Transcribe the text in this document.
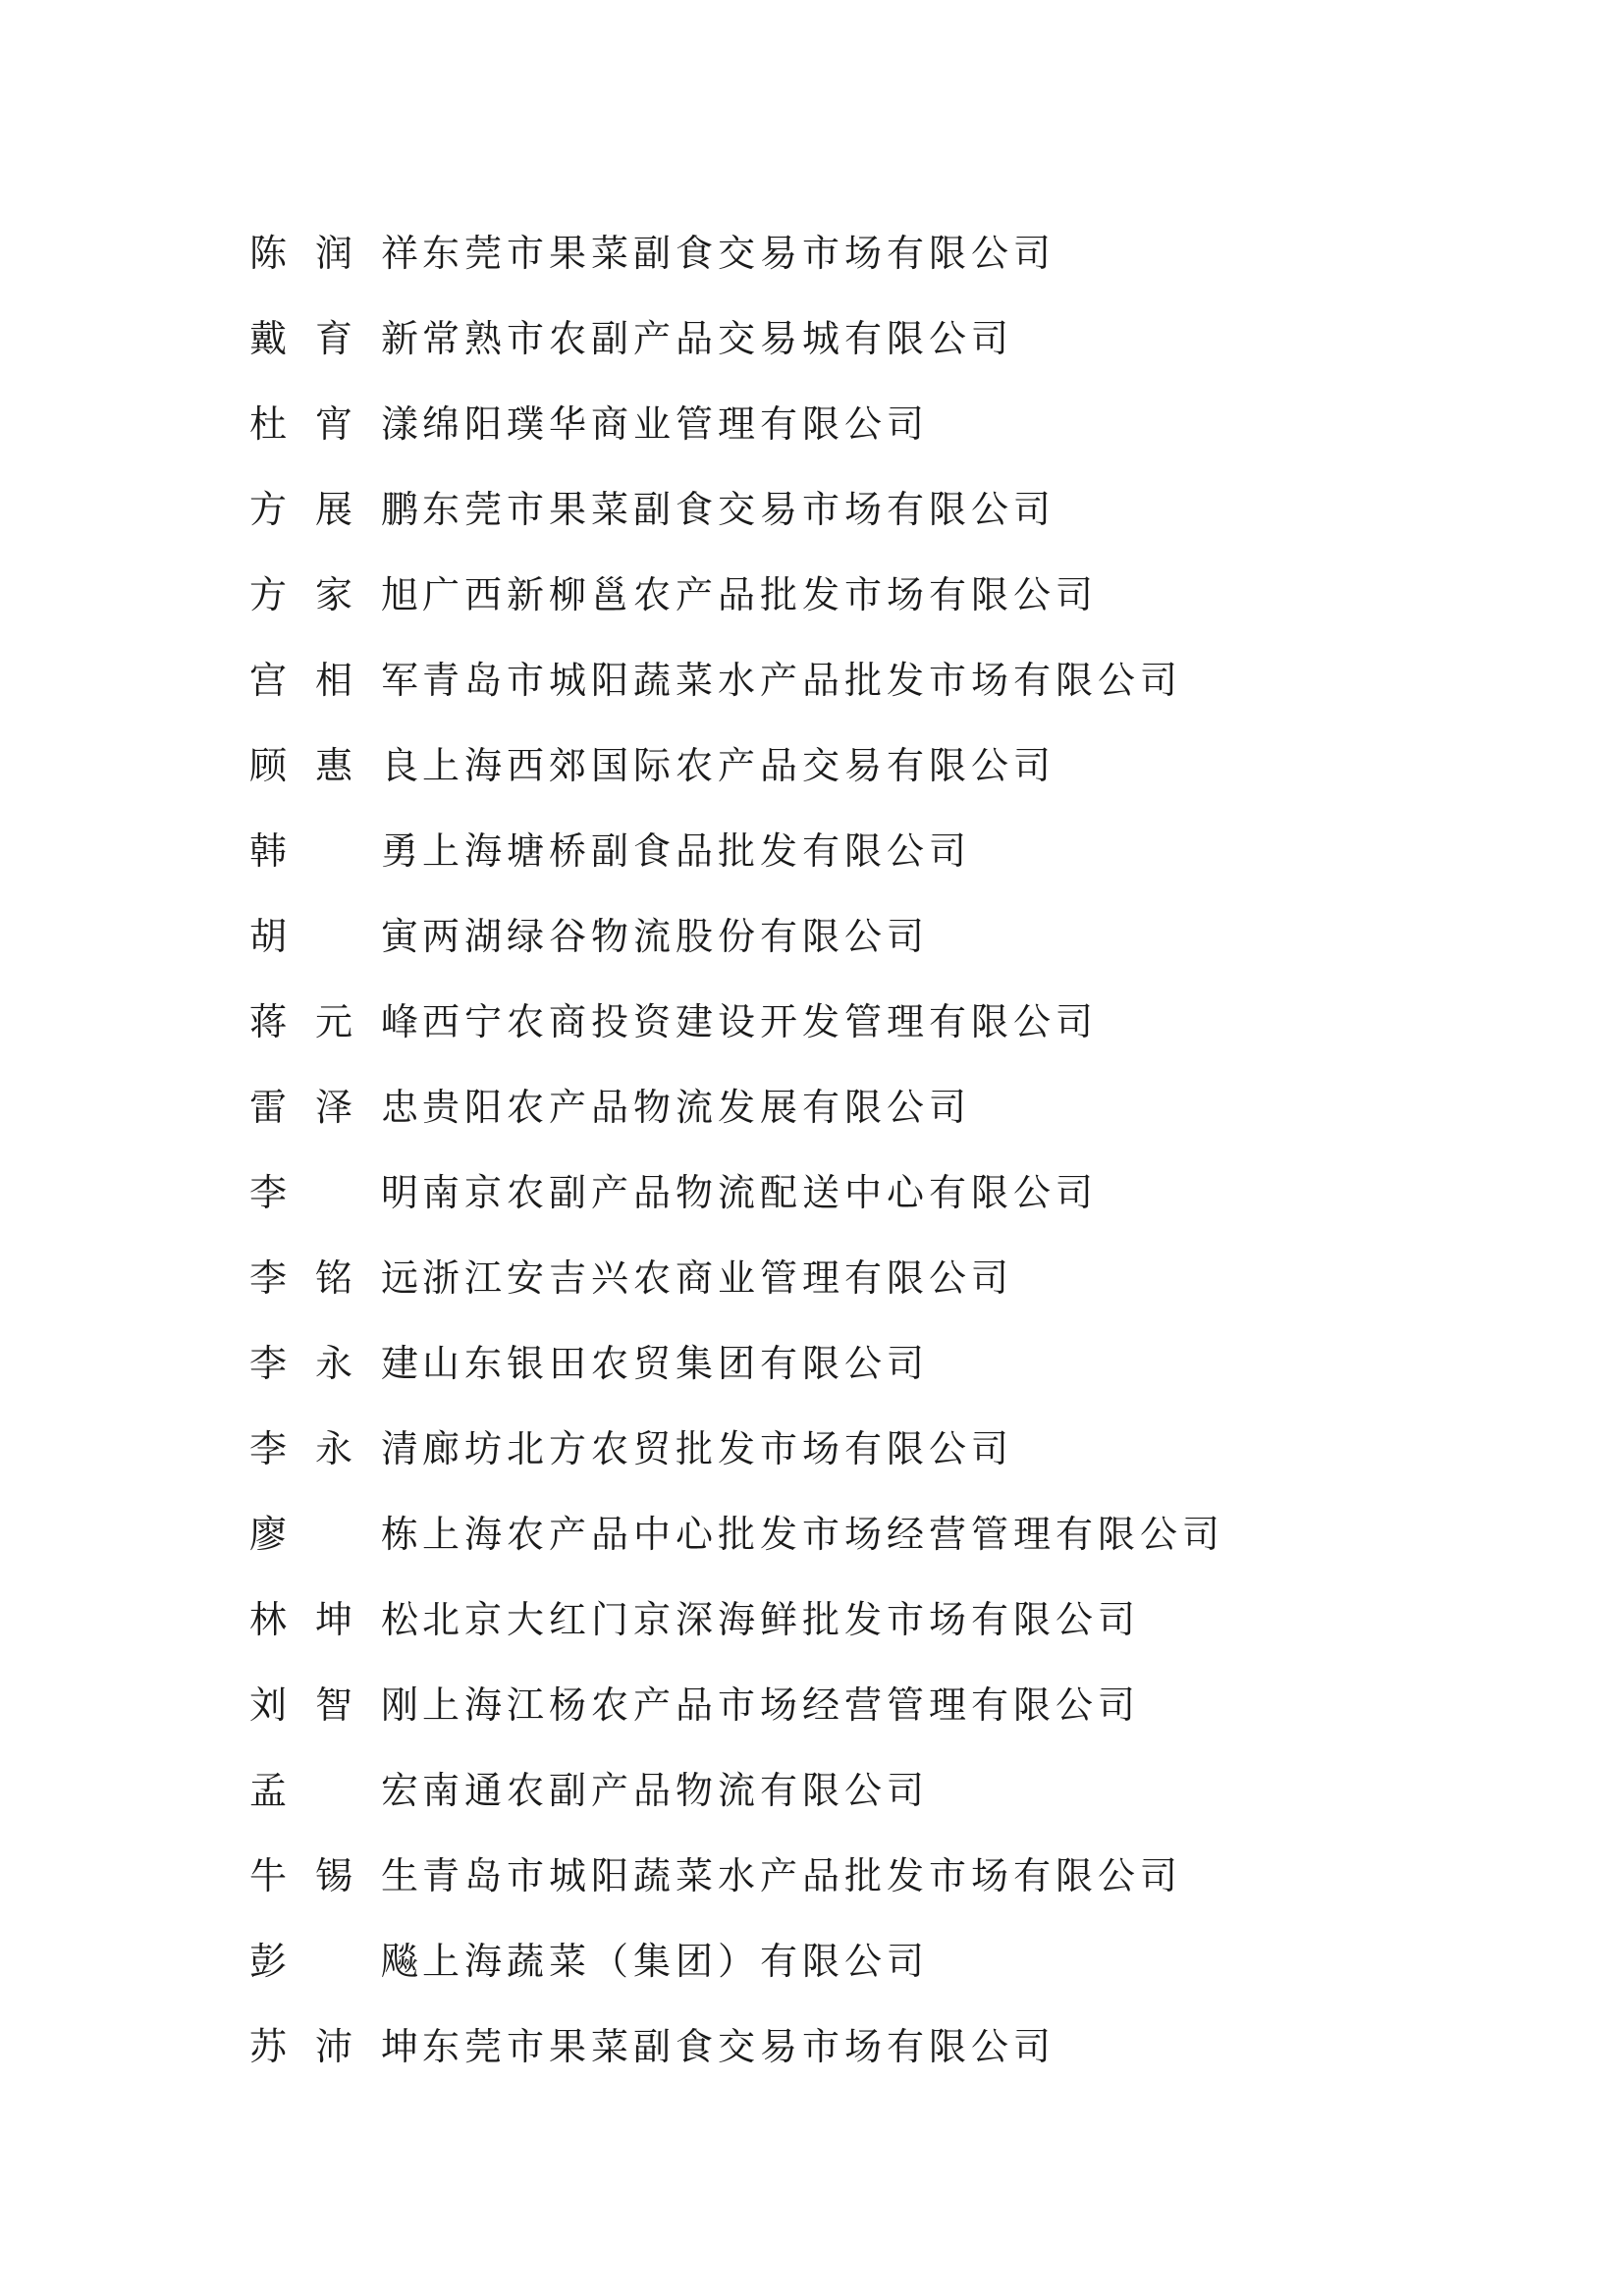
陈润祥 东莞市果菜副食交易市场有限公司
戴育新 常熟市农副产品交易城有限公司
杜宵漾 绵阳璞华商业管理有限公司
方展鹏 东莞市果菜副食交易市场有限公司
方家旭 广西新柳邕农产品批发市场有限公司
宫相军 青岛市城阳蔬菜水产品批发市场有限公司
顾惠良 上海西郊国际农产品交易有限公司
韩　勇 上海塘桥副食品批发有限公司
胡　寅 两湖绿谷物流股份有限公司
蒋元峰 西宁农商投资建设开发管理有限公司
雷泽忠 贵阳农产品物流发展有限公司
李　明 南京农副产品物流配送中心有限公司
李铭远 浙江安吉兴农商业管理有限公司
李永建 山东银田农贸集团有限公司
李永清 廊坊北方农贸批发市场有限公司
廖　栋 上海农产品中心批发市场经营管理有限公司
林坤松 北京大红门京深海鲜批发市场有限公司
刘智刚 上海江杨农产品市场经营管理有限公司
孟　宏 南通农副产品物流有限公司
牛锡生 青岛市城阳蔬菜水产品批发市场有限公司
彭　飚 上海蔬菜（集团）有限公司
苏沛坤 东莞市果菜副食交易市场有限公司
